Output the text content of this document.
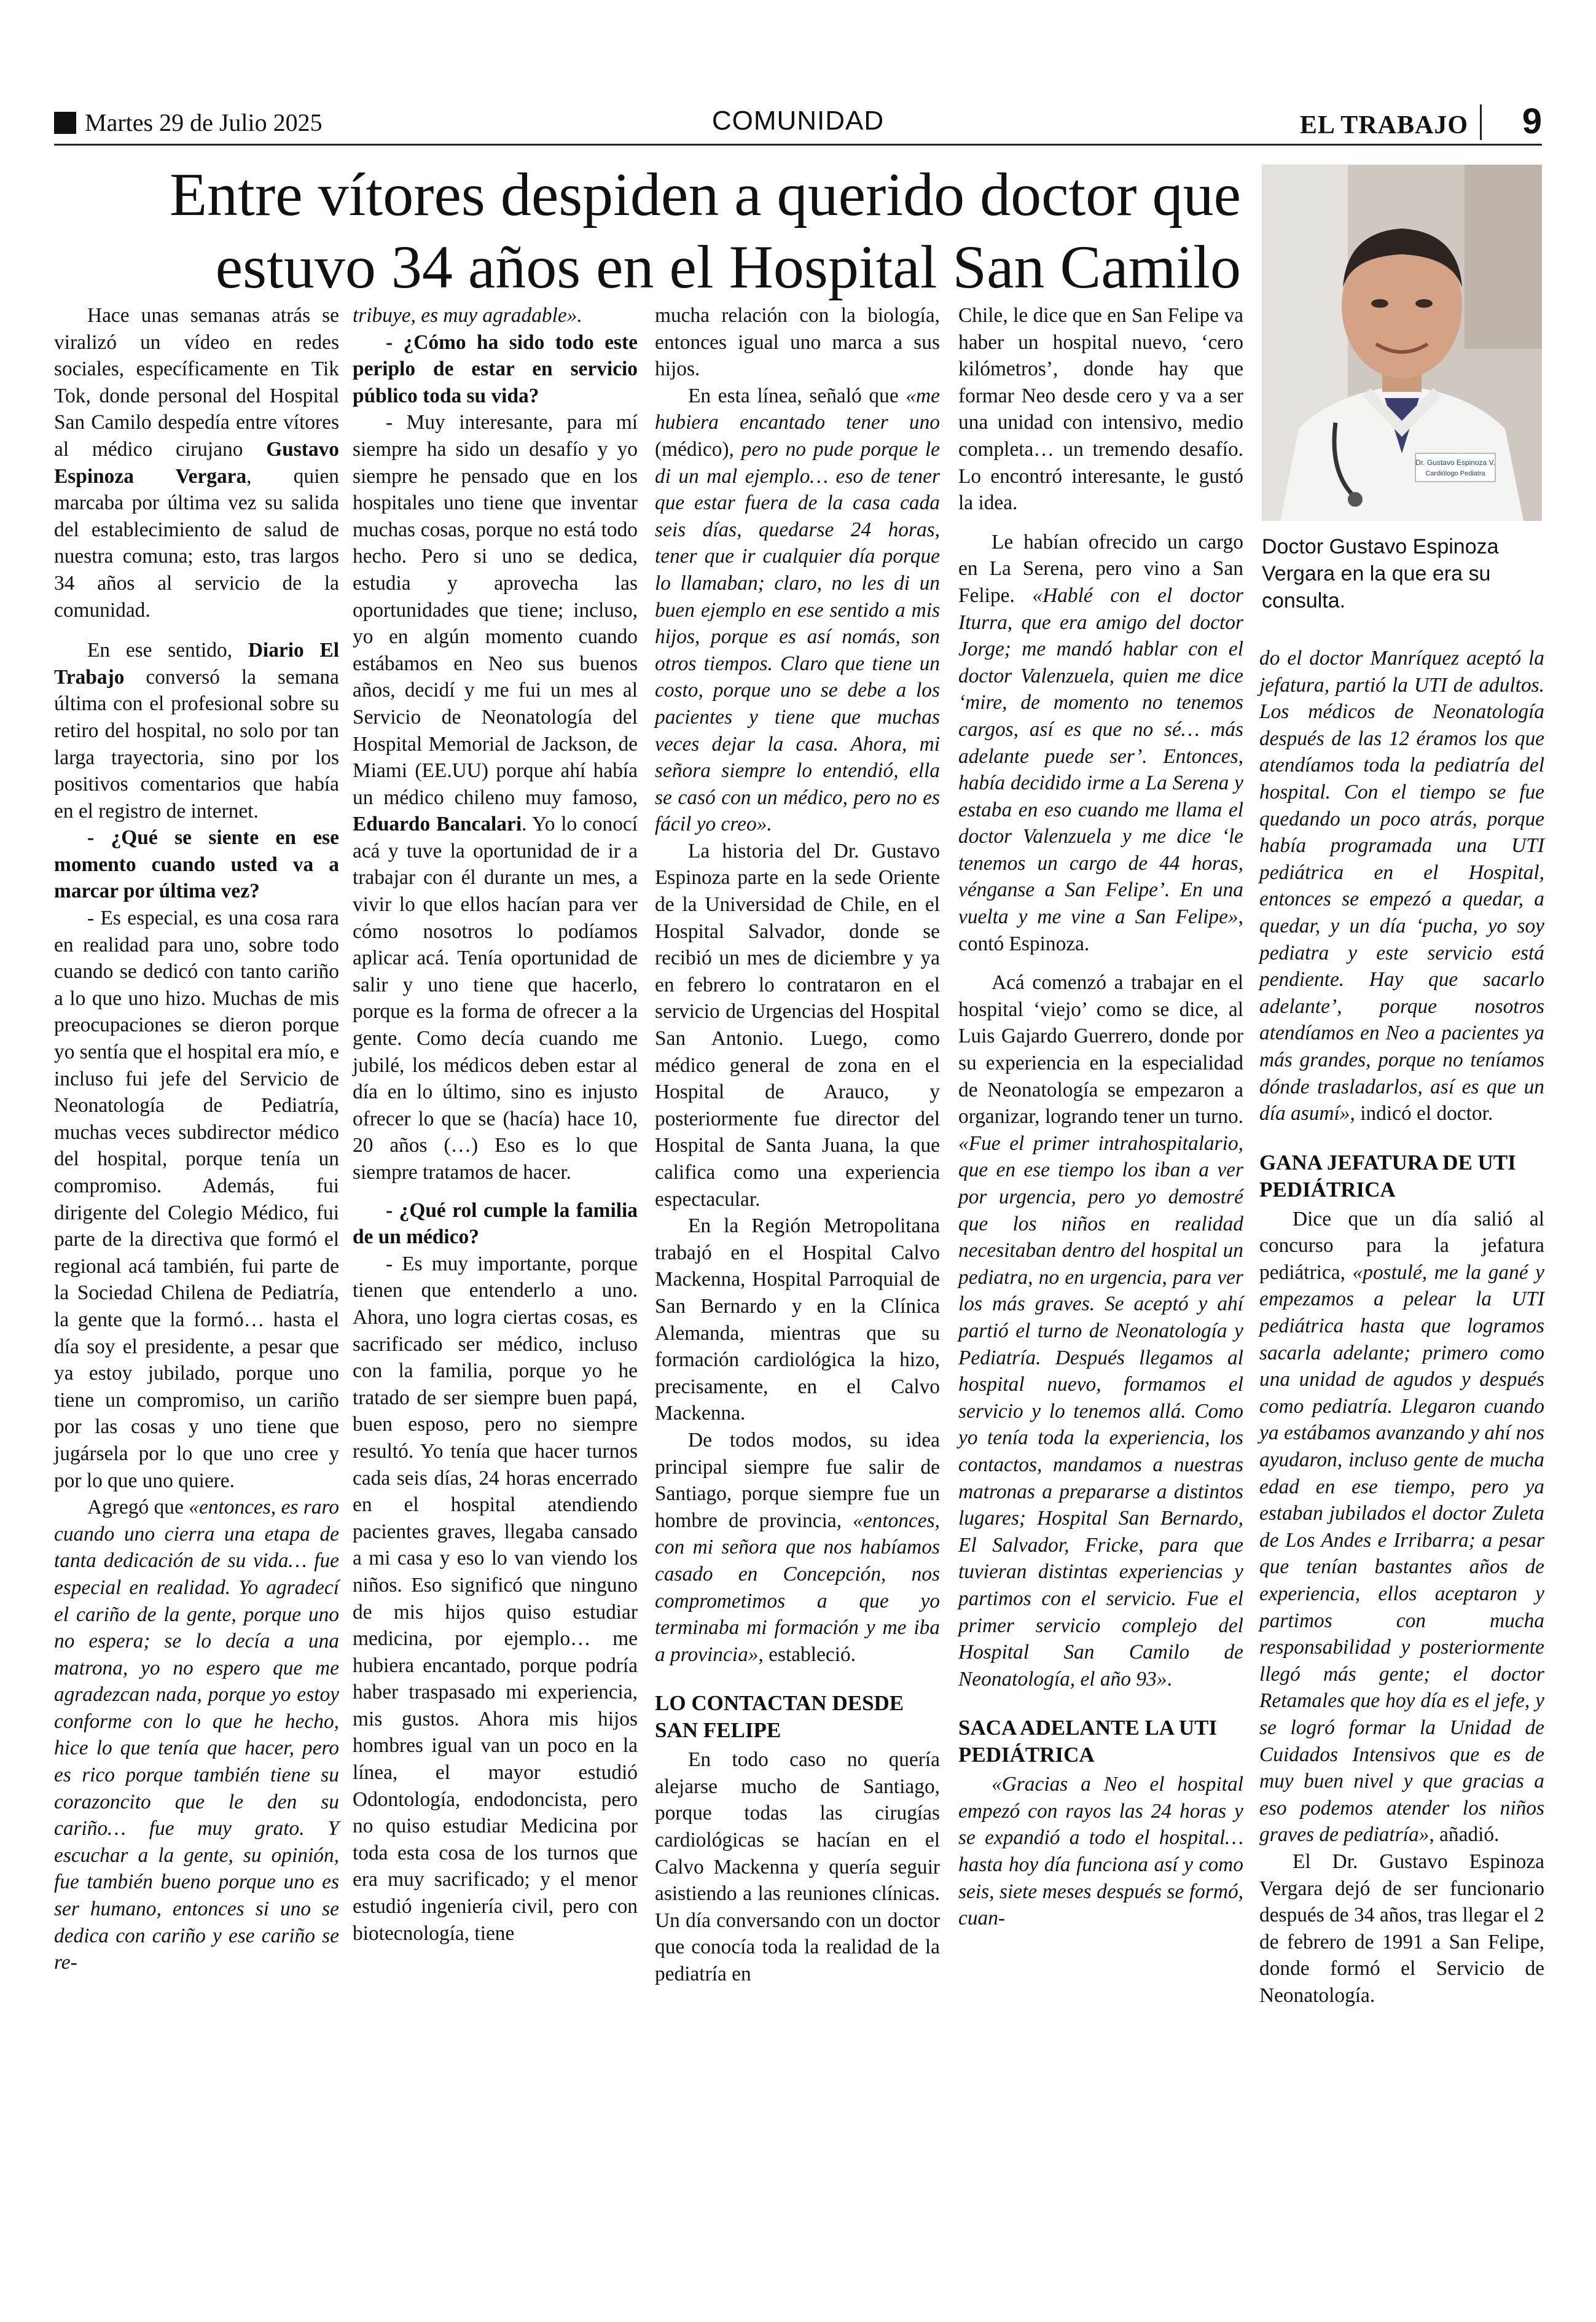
Martes 29 de Julio 2025	COMUNIDAD	EL TRABAJO 9
Entre vítores despiden a querido doctor que
estuvo 34 años en el Hospital San Camilo
Dr. Gustavo Espinoza V.
Cardiólogo Pediatra
Doctor Gustavo Espinoza Vergara en la que era su consulta.

Hace unas semanas atrás se viralizó un vídeo en redes sociales, específicamente en Tik Tok, donde personal del Hospital San Camilo despedía entre vítores al médico cirujano Gustavo Espinoza Vergara, quien marcaba por última vez su salida del establecimiento de salud de nuestra comuna; esto, tras largos 34 años al servicio de la comunidad.

En ese sentido, Diario El Trabajo conversó la semana última con el profesional sobre su retiro del hospital, no solo por tan larga trayectoria, sino por los positivos comentarios que había en el registro de internet.

- ¿Qué se siente en ese momento cuando usted va a marcar por última vez?

- Es especial, es una cosa rara en realidad para uno, sobre todo cuando se dedicó con tanto cariño a lo que uno hizo. Muchas de mis preocupaciones se dieron porque yo sentía que el hospital era mío, e incluso fui jefe del Servicio de Neonatología de Pediatría, muchas veces subdirector médico del hospital, porque tenía un compromiso. Además, fui dirigente del Colegio Médico, fui parte de la directiva que formó el regional acá también, fui parte de la Sociedad Chilena de Pediatría, la gente que la formó… hasta el día soy el presidente, a pesar que ya estoy jubilado, porque uno tiene un compromiso, un cariño por las cosas y uno tiene que jugársela por lo que uno cree y por lo que uno quiere.

Agregó que «entonces, es raro cuando uno cierra una etapa de tanta dedicación de su vida… fue especial en realidad. Yo agradecí el cariño de la gente, porque uno no espera; se lo decía a una matrona, yo no espero que me agradezcan nada, porque yo estoy conforme con lo que he hecho, hice lo que tenía que hacer, pero es rico porque también tiene su corazoncito que le den su cariño… fue muy grato. Y escuchar a la gente, su opinión, fue también bueno porque uno es ser humano, entonces si uno se dedica con cariño y ese cariño se re-

tribuye, es muy agradable».

- ¿Cómo ha sido todo este periplo de estar en servicio público toda su vida?

- Muy interesante, para mí siempre ha sido un desafío y yo siempre he pensado que en los hospitales uno tiene que inventar muchas cosas, porque no está todo hecho. Pero si uno se dedica, estudia y aprovecha las oportunidades que tiene; incluso, yo en algún momento cuando estábamos en Neo sus buenos años, decidí y me fui un mes al Servicio de Neonatología del Hospital Memorial de Jackson, de Miami (EE.UU) porque ahí había un médico chileno muy famoso, Eduardo Bancalari. Yo lo conocí acá y tuve la oportunidad de ir a trabajar con él durante un mes, a vivir lo que ellos hacían para ver cómo nosotros lo podíamos aplicar acá. Tenía oportunidad de salir y uno tiene que hacerlo, porque es la forma de ofrecer a la gente. Como decía cuando me jubilé, los médicos deben estar al día en lo último, sino es injusto ofrecer lo que se (hacía) hace 10, 20 años (…) Eso es lo que siempre tratamos de hacer.

- ¿Qué rol cumple la familia de un médico?

- Es muy importante, porque tienen que entenderlo a uno. Ahora, uno logra ciertas cosas, es sacrificado ser médico, incluso con la familia, porque yo he tratado de ser siempre buen papá, buen esposo, pero no siempre resultó. Yo tenía que hacer turnos cada seis días, 24 horas encerrado en el hospital atendiendo pacientes graves, llegaba cansado a mi casa y eso lo van viendo los niños. Eso significó que ninguno de mis hijos quiso estudiar medicina, por ejemplo… me hubiera encantado, porque podría haber traspasado mi experiencia, mis gustos. Ahora mis hijos hombres igual van un poco en la línea, el mayor estudió Odontología, endodoncista, pero no quiso estudiar Medicina por toda esta cosa de los turnos que era muy sacrificado; y el menor estudió ingeniería civil, pero con biotecnología, tiene

mucha relación con la biología, entonces igual uno marca a sus hijos.

En esta línea, señaló que «me hubiera encantado tener uno (médico), pero no pude porque le di un mal ejemplo… eso de tener que estar fuera de la casa cada seis días, quedarse 24 horas, tener que ir cualquier día porque lo llamaban; claro, no les di un buen ejemplo en ese sentido a mis hijos, porque es así nomás, son otros tiempos. Claro que tiene un costo, porque uno se debe a los pacientes y tiene que muchas veces dejar la casa. Ahora, mi señora siempre lo entendió, ella se casó con un médico, pero no es fácil yo creo».

La historia del Dr. Gustavo Espinoza parte en la sede Oriente de la Universidad de Chile, en el Hospital Salvador, donde se recibió un mes de diciembre y ya en febrero lo contrataron en el servicio de Urgencias del Hospital San Antonio. Luego, como médico general de zona en el Hospital de Arauco, y posteriormente fue director del Hospital de Santa Juana, la que califica como una experiencia espectacular.

En la Región Metropolitana trabajó en el Hospital Calvo Mackenna, Hospital Parroquial de San Bernardo y en la Clínica Alemanda, mientras que su formación cardiológica la hizo, precisamente, en el Calvo Mackenna.

De todos modos, su idea principal siempre fue salir de Santiago, porque siempre fue un hombre de provincia, «entonces, con mi señora que nos habíamos casado en Concepción, nos comprometimos a que yo terminaba mi formación y me iba a provincia», estableció.

LO CONTACTAN DESDE SAN FELIPE

En todo caso no quería alejarse mucho de Santiago, porque todas las cirugías cardiológicas se hacían en el Calvo Mackenna y quería seguir asistiendo a las reuniones clínicas. Un día conversando con un doctor que conocía toda la realidad de la pediatría en

Chile, le dice que en San Felipe va haber un hospital nuevo, ‘cero kilómetros’, donde hay que formar Neo desde cero y va a ser una unidad con intensivo, medio completa… un tremendo desafío. Lo encontró interesante, le gustó la idea.

Le habían ofrecido un cargo en La Serena, pero vino a San Felipe. «Hablé con el doctor Iturra, que era amigo del doctor Jorge; me mandó hablar con el doctor Valenzuela, quien me dice ‘mire, de momento no tenemos cargos, así es que no sé… más adelante puede ser’. Entonces, había decidido irme a La Serena y estaba en eso cuando me llama el doctor Valenzuela y me dice ‘le tenemos un cargo de 44 horas, vénganse a San Felipe’. En una vuelta y me vine a San Felipe», contó Espinoza.

Acá comenzó a trabajar en el hospital ‘viejo’ como se dice, al Luis Gajardo Guerrero, donde por su experiencia en la especialidad de Neonatología se empezaron a organizar, logrando tener un turno. «Fue el primer intrahospitalario, que en ese tiempo los iban a ver por urgencia, pero yo demostré que los niños en realidad necesitaban dentro del hospital un pediatra, no en urgencia, para ver los más graves. Se aceptó y ahí partió el turno de Neonatología y Pediatría. Después llegamos al hospital nuevo, formamos el servicio y lo tenemos allá. Como yo tenía toda la experiencia, los contactos, mandamos a nuestras matronas a prepararse a distintos lugares; Hospital San Bernardo, El Salvador, Fricke, para que tuvieran distintas experiencias y partimos con el servicio. Fue el primer servicio complejo del Hospital San Camilo de Neonatología, el año 93».

SACA ADELANTE LA UTI PEDIÁTRICA

«Gracias a Neo el hospital empezó con rayos las 24 horas y se expandió a todo el hospital… hasta hoy día funciona así y como seis, siete meses después se formó, cuan-

do el doctor Manríquez aceptó la jefatura, partió la UTI de adultos. Los médicos de Neonatología después de las 12 éramos los que atendíamos toda la pediatría del hospital. Con el tiempo se fue quedando un poco atrás, porque había programada una UTI pediátrica en el Hospital, entonces se empezó a quedar, a quedar, y un día ‘pucha, yo soy pediatra y este servicio está pendiente. Hay que sacarlo adelante’, porque nosotros atendíamos en Neo a pacientes ya más grandes, porque no teníamos dónde trasladarlos, así es que un día asumí», indicó el doctor.

GANA JEFATURA DE UTI PEDIÁTRICA

Dice que un día salió al concurso para la jefatura pediátrica, «postulé, me la gané y empezamos a pelear la UTI pediátrica hasta que logramos sacarla adelante; primero como una unidad de agudos y después como pediatría. Llegaron cuando ya estábamos avanzando y ahí nos ayudaron, incluso gente de mucha edad en ese tiempo, pero ya estaban jubilados el doctor Zuleta de Los Andes e Irribarra; a pesar que tenían bastantes años de experiencia, ellos aceptaron y partimos con mucha responsabilidad y posteriormente llegó más gente; el doctor Retamales que hoy día es el jefe, y se logró formar la Unidad de Cuidados Intensivos que es de muy buen nivel y que gracias a eso podemos atender los niños graves de pediatría», añadió.

El Dr. Gustavo Espinoza Vergara dejó de ser funcionario después de 34 años, tras llegar el 2 de febrero de 1991 a San Felipe, donde formó el Servicio de Neonatología.
